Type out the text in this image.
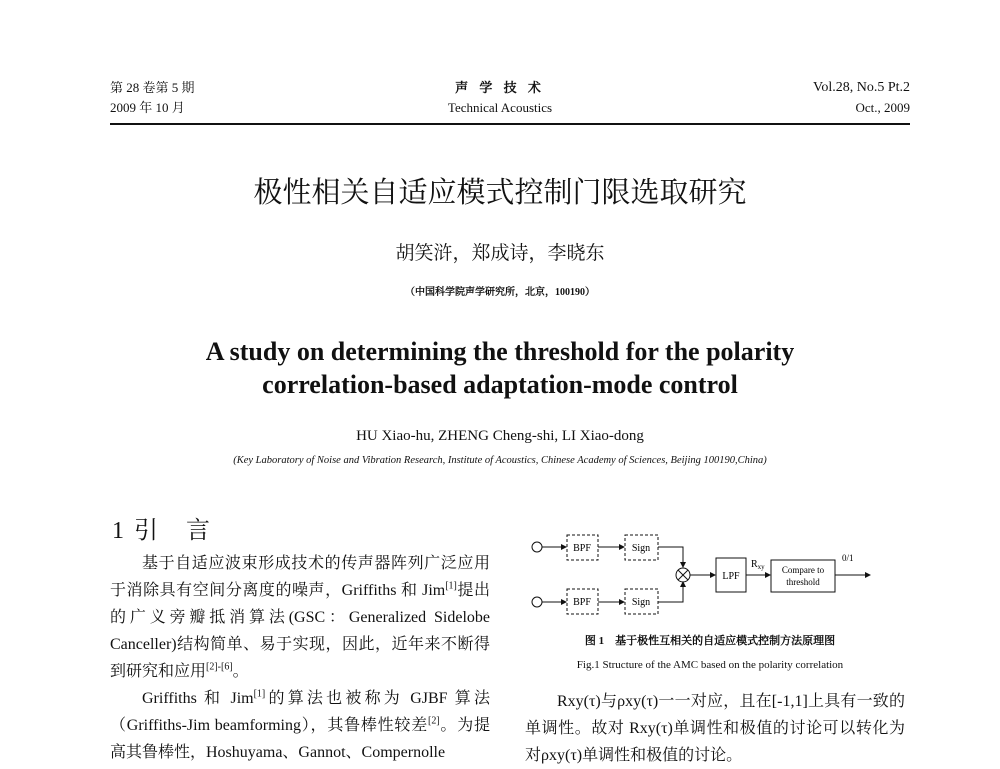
第 28 卷第 5 期
2009 年 10 月
声 学 技 术
Technical Acoustics
Vol.28, No.5 Pt.2
Oct., 2009
极性相关自适应模式控制门限选取研究
胡笑浒，郑成诗，李晓东
（中国科学院声学研究所，北京，100190）
A study on determining the threshold for the polarity
correlation-based adaptation-mode control
HU Xiao-hu, ZHENG Cheng-shi, LI Xiao-dong
(Key Laboratory of Noise and Vibration Research, Institute of Acoustics, Chinese Academy of Sciences, Beijing 100190,China)
1 引　言

基于自适应波束形成技术的传声器阵列广泛应用于消除具有空间分离度的噪声，Griffiths 和 Jim[1]提出的广义旁瓣抵消算法(GSC：Generalized Sidelobe Canceller)结构简单、易于实现，因此，近年来不断得到研究和应用[2]-[6]。

Griffiths 和 Jim[1]的算法也被称为 GJBF 算法（Griffiths-Jim beamforming），其鲁棒性较差[2]。为提高其鲁棒性，Hoshuyama、Gannot、Compernolle

BPF
BPF
Sign
Sign
LPF
$R_{xy}$ Compare to
threshold
0/1
图 1　基于极性互相关的自适应模式控制方法原理图
Fig.1 Structure of the AMC based on the polarity correlation

Rxy(τ)与ρxy(τ)一一对应，且在[-1,1]上具有一致的单调性。故对 Rxy(τ)单调性和极值的讨论可以转化为对ρxy(τ)单调性和极值的讨论。
